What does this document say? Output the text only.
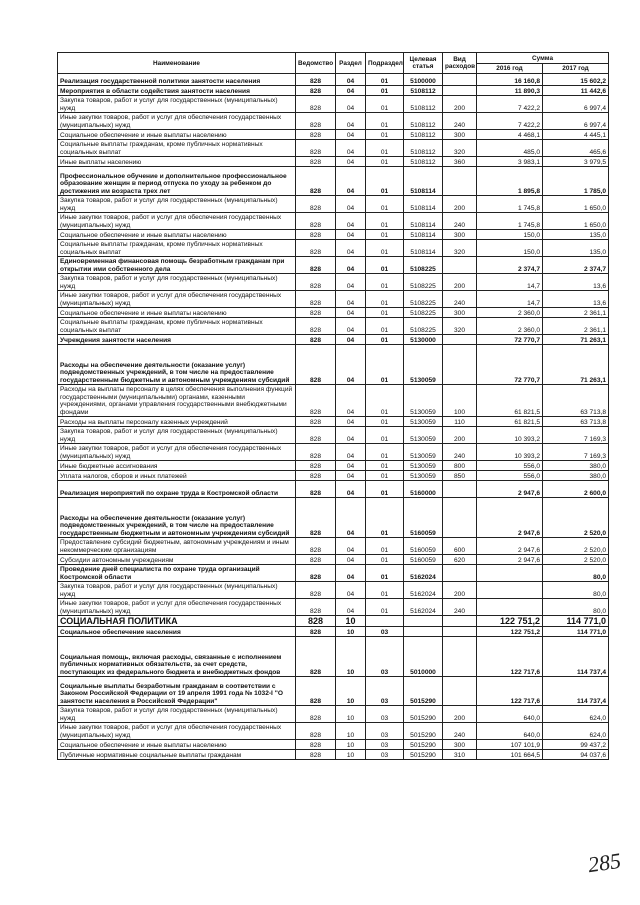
Наименование	Ведомство	Раздел	Подраздел	Целевая статья	Вид расходов	Сумма	
						2016 год	2017 год
Реализация государственной политики занятости населения	828	04	01	5100000		16 160,8	15 602,2
Мероприятия в области содействия занятости населения	828	04	01	5108112		11 890,3	11 442,6
Закупка товаров, работ и услуг для государственных (муниципальных) нужд	828	04	01	5108112	200	7 422,2	6 997,4
Иные закупки товаров, работ и услуг для обеспечения государственных (муниципальных) нужд	828	04	01	5108112	240	7 422,2	6 997,4
Социальное обеспечение и иные выплаты населению	828	04	01	5108112	300	4 468,1	4 445,1
Социальные выплаты гражданам, кроме публичных нормативных социальных выплат	828	04	01	5108112	320	485,0	465,6
Иные выплаты населению	828	04	01	5108112	360	3 983,1	3 979,5
Профессиональное обучение и дополнительное профессиональное образование женщин в период отпуска по уходу за ребенком до достижения им возраста трех лет	828	04	01	5108114		1 895,8	1 785,0
Закупка товаров, работ и услуг для государственных (муниципальных) нужд	828	04	01	5108114	200	1 745,8	1 650,0
Иные закупки товаров, работ и услуг для обеспечения государственных (муниципальных) нужд	828	04	01	5108114	240	1 745,8	1 650,0
Социальное обеспечение и иные выплаты населению	828	04	01	5108114	300	150,0	135,0
Социальные выплаты гражданам, кроме публичных нормативных социальных выплат	828	04	01	5108114	320	150,0	135,0
Единовременная финансовая помощь безработным гражданам при открытии ими собственного дела	828	04	01	5108225		2 374,7	2 374,7
Закупка товаров, работ и услуг для государственных (муниципальных) нужд	828	04	01	5108225	200	14,7	13,6
Иные закупки товаров, работ и услуг для обеспечения государственных (муниципальных) нужд	828	04	01	5108225	240	14,7	13,6
Социальное обеспечение и иные выплаты населению	828	04	01	5108225	300	2 360,0	2 361,1
Социальные выплаты гражданам, кроме публичных нормативных социальных выплат	828	04	01	5108225	320	2 360,0	2 361,1
Учреждения занятости населения	828	04	01	5130000		72 770,7	71 263,1
Расходы на обеспечение деятельности (оказание услуг) подведомственных учреждений, в том числе на предоставление государственным бюджетным и автономным учреждениям субсидий	828	04	01	5130059		72 770,7	71 263,1
Расходы на выплаты персоналу в целях обеспечения выполнения функций государственными (муниципальными) органами, казенными учреждениями, органами управления государственными внебюджетными фондами	828	04	01	5130059	100	61 821,5	63 713,8
Расходы на выплаты персоналу казенных учреждений	828	04	01	5130059	110	61 821,5	63 713,8
Закупка товаров, работ и услуг для государственных (муниципальных) нужд	828	04	01	5130059	200	10 393,2	7 169,3
Иные закупки товаров, работ и услуг для обеспечения государственных (муниципальных) нужд	828	04	01	5130059	240	10 393,2	7 169,3
Иные бюджетные ассигнования	828	04	01	5130059	800	556,0	380,0
Уплата налогов, сборов и иных платежей	828	04	01	5130059	850	556,0	380,0
Реализация мероприятий по охране труда в Костромской области	828	04	01	5160000		2 947,6	2 600,0
Расходы на обеспечение деятельности (оказание услуг) подведомственных учреждений, в том числе на предоставление государственным бюджетным и автономным учреждениям субсидий	828	04	01	5160059		2 947,6	2 520,0
Предоставление субсидий бюджетным, автономным учреждениям и иным некоммерческим организациям	828	04	01	5160059	600	2 947,6	2 520,0
Субсидии автономным учреждениям	828	04	01	5160059	620	2 947,6	2 520,0
Проведение дней специалиста по охране труда организаций Костромской области	828	04	01	5162024			80,0
Закупка товаров, работ и услуг для государственных (муниципальных) нужд	828	04	01	5162024	200		80,0
Иные закупки товаров, работ и услуг для обеспечения государственных (муниципальных) нужд	828	04	01	5162024	240		80,0
СОЦИАЛЬНАЯ ПОЛИТИКА	828	10				122 751,2	114 771,0
Социальное обеспечение населения	828	10	03			122 751,2	114 771,0
Социальная помощь, включая расходы, связанные с исполнением публичных нормативных обязательств, за счет средств, поступающих из федерального бюджета и внебюджетных фондов	828	10	03	5010000		122 717,6	114 737,4
Социальные выплаты безработным гражданам в соответствии с Законом Российской Федерации от 19 апреля 1991 года № 1032-I "О занятости населения в Российской Федерации"	828	10	03	5015290		122 717,6	114 737,4
Закупка товаров, работ и услуг для государственных (муниципальных) нужд	828	10	03	5015290	200	640,0	624,0
Иные закупки товаров, работ и услуг для обеспечения государственных (муниципальных) нужд	828	10	03	5015290	240	640,0	624,0
Социальное обеспечение и иные выплаты населению	828	10	03	5015290	300	107 101,9	99 437,2
Публичные нормативные социальные выплаты гражданам	828	10	03	5015290	310	101 664,5	94 037,6
285
